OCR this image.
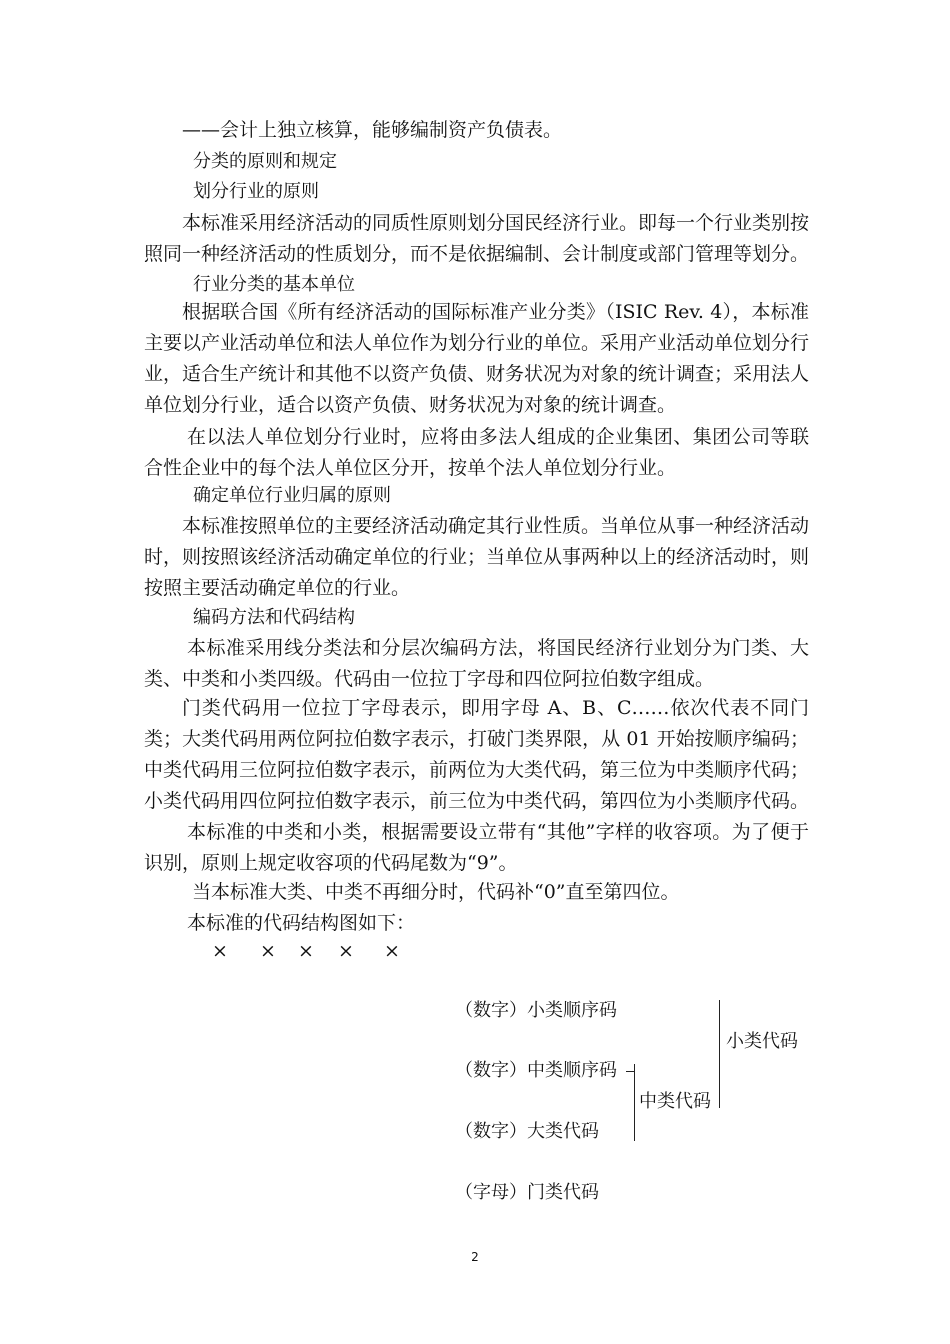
——会计上独立核算，能够编制资产负债表。

分类的原则和规定

划分行业的原则

本标准采用经济活动的同质性原则划分国民经济行业。即每一个行业类别按照同一种经济活动的性质划分，而不是依据编制、会计制度或部门管理等划分。

行业分类的基本单位

根据联合国《所有经济活动的国际标准产业分类》（ISIC Rev. 4），本标准主要以产业活动单位和法人单位作为划分行业的单位。采用产业活动单位划分行业，适合生产统计和其他不以资产负债、财务状况为对象的统计调查；采用法人单位划分行业，适合以资产负债、财务状况为对象的统计调查。

在以法人单位划分行业时，应将由多法人组成的企业集团、集团公司等联合性企业中的每个法人单位区分开，按单个法人单位划分行业。

确定单位行业归属的原则

本标准按照单位的主要经济活动确定其行业性质。当单位从事一种经济活动时，则按照该经济活动确定单位的行业；当单位从事两种以上的经济活动时，则按照主要活动确定单位的行业。

编码方法和代码结构

本标准采用线分类法和分层次编码方法，将国民经济行业划分为门类、大类、中类和小类四级。代码由一位拉丁字母和四位阿拉伯数字组成。

门类代码用一位拉丁字母表示，即用字母 A、B、C……依次代表不同门类；大类代码用两位阿拉伯数字表示，打破门类界限，从 01 开始按顺序编码；中类代码用三位阿拉伯数字表示，前两位为大类代码，第三位为中类顺序代码；小类代码用四位阿拉伯数字表示，前三位为中类代码，第四位为小类顺序代码。

本标准的中类和小类，根据需要设立带有“其他”字样的收容项。为了便于识别，原则上规定收容项的代码尾数为“9”。

当本标准大类、中类不再细分时，代码补“0”直至第四位。

本标准的代码结构图如下：

× × × × ×
（数字）小类顺序码
（数字）中类顺序码
（数字）大类代码
（字母）门类代码
中类代码
小类代码
2
